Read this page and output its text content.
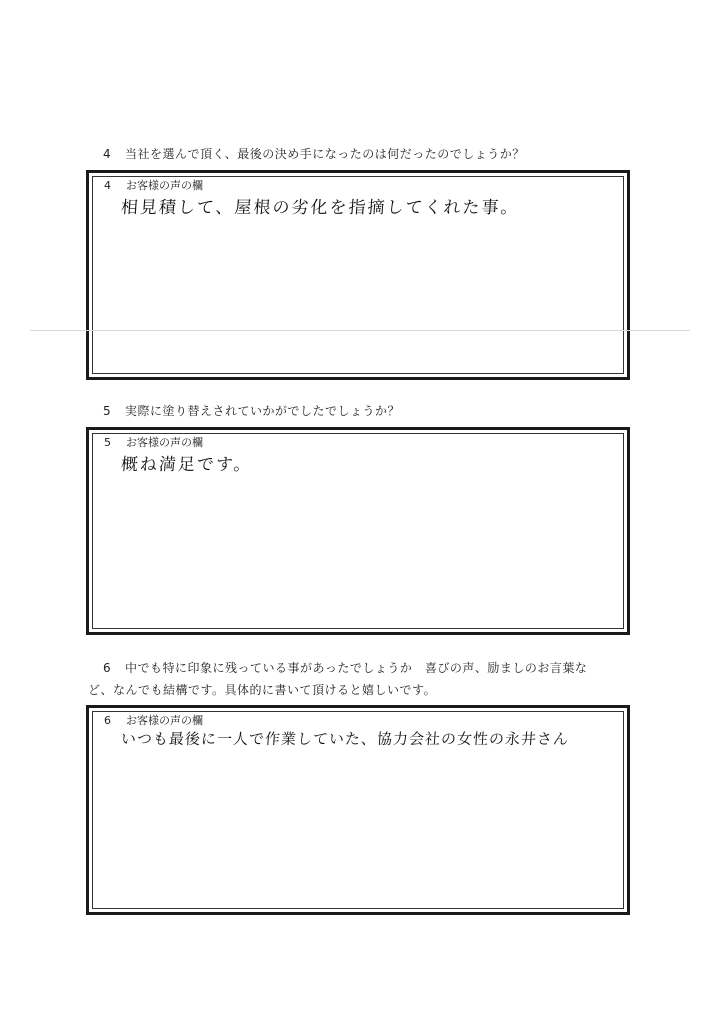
4 当社を選んで頂く、最後の決め手になったのは何だったのでしょうか？
4 お客様の声の欄
相見積して、屋根の劣化を指摘してくれた事。
5 実際に塗り替えされていかがでしたでしょうか？
5 お客様の声の欄
概ね満足です。
6 中でも特に印象に残っている事があったでしょうか　喜びの声、励ましのお言葉な
ど、なんでも結構です。具体的に書いて頂けると嬉しいです。
6 お客様の声の欄
いつも最後に一人で作業していた、協力会社の女性の永井さん
